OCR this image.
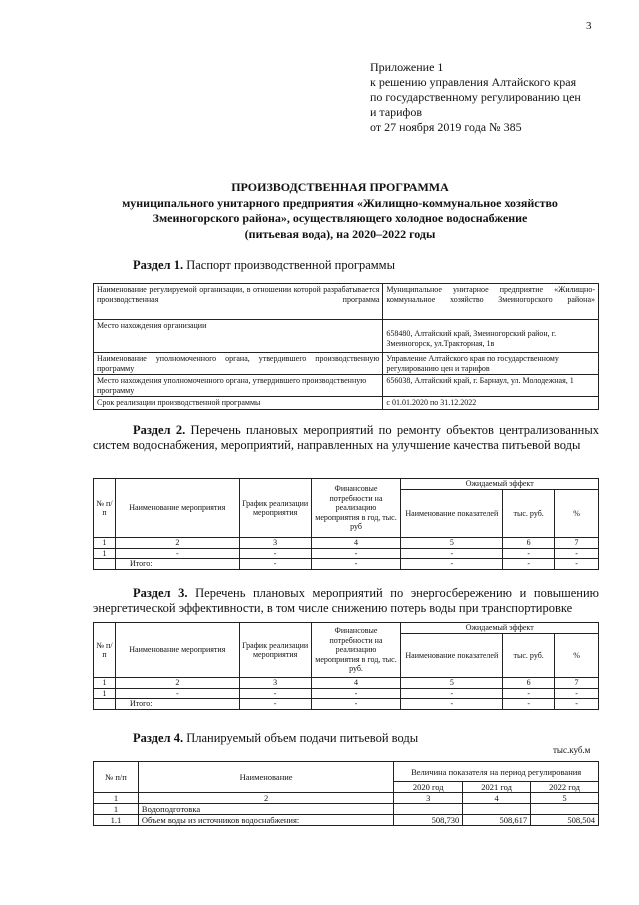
3
Приложение 1
к решению управления Алтайского края
по государственному регулированию цен
и тарифов
от 27 ноября 2019 года № 385
ПРОИЗВОДСТВЕННАЯ ПРОГРАММА
муниципального унитарного предприятия «Жилищно-коммунальное хозяйство
Змеиногорского района», осуществляющего холодное водоснабжение
(питьевая вода), на 2020–2022 годы
Раздел 1. Паспорт производственной программы
Наименование регулируемой организации, в отношении которой разрабатывается производственная программа	Муниципальное унитарное предприятие «Жилищно-коммунальное хозяйство Змеиногорского района»
Место нахождения организации	658480, Алтайский край, Змеиногорский район, г. Змеиногорск, ул.Тракторная, 1в
Наименование уполномоченного органа, утвердившего производственную программу	Управление Алтайского края по государственному регулированию цен и тарифов
Место нахождения уполномоченного органа, утвердившего производственную программу	656038, Алтайский край, г. Барнаул, ул. Молодежная, 1
Срок реализации производственной программы	с 01.01.2020 по 31.12.2022
Раздел 2. Перечень плановых мероприятий по ремонту объектов централизованных систем водоснабжения, мероприятий, направленных на улучшение качества питьевой воды
№ п/п	Наименование мероприятия	График реализации мероприятия	Финансовые потребности на реализацию мероприятия в год, тыс. руб	Ожидаемый эффект		
				Наименование показателей	тыс. руб.	%
1	2	3	4	5	6	7
1	-	-	-	-	-	-
	Итого:	-	-	-	-	-
Раздел 3. Перечень плановых мероприятий по энергосбережению и повышению энергетической эффективности, в том числе снижению потерь воды при транспортировке
№ п/п	Наименование мероприятия	График реализации мероприятия	Финансовые потребности на реализацию мероприятия в год, тыс. руб.	Ожидаемый эффект		
				Наименование показателей	тыс. руб.	%
1	2	3	4	5	6	7
1	-	-	-	-	-	-
	Итого:	-	-	-	-	-
Раздел 4. Планируемый объем подачи питьевой воды
тыс.куб.м
№ п/п	Наименование	Величина показателя на период регулирования		
		2020 год	2021 год	2022 год
1	2	3	4	5
1	Водоподготовка			
1.1	Объем воды из источников водоснабжения:	508,730	508,617	508,504
